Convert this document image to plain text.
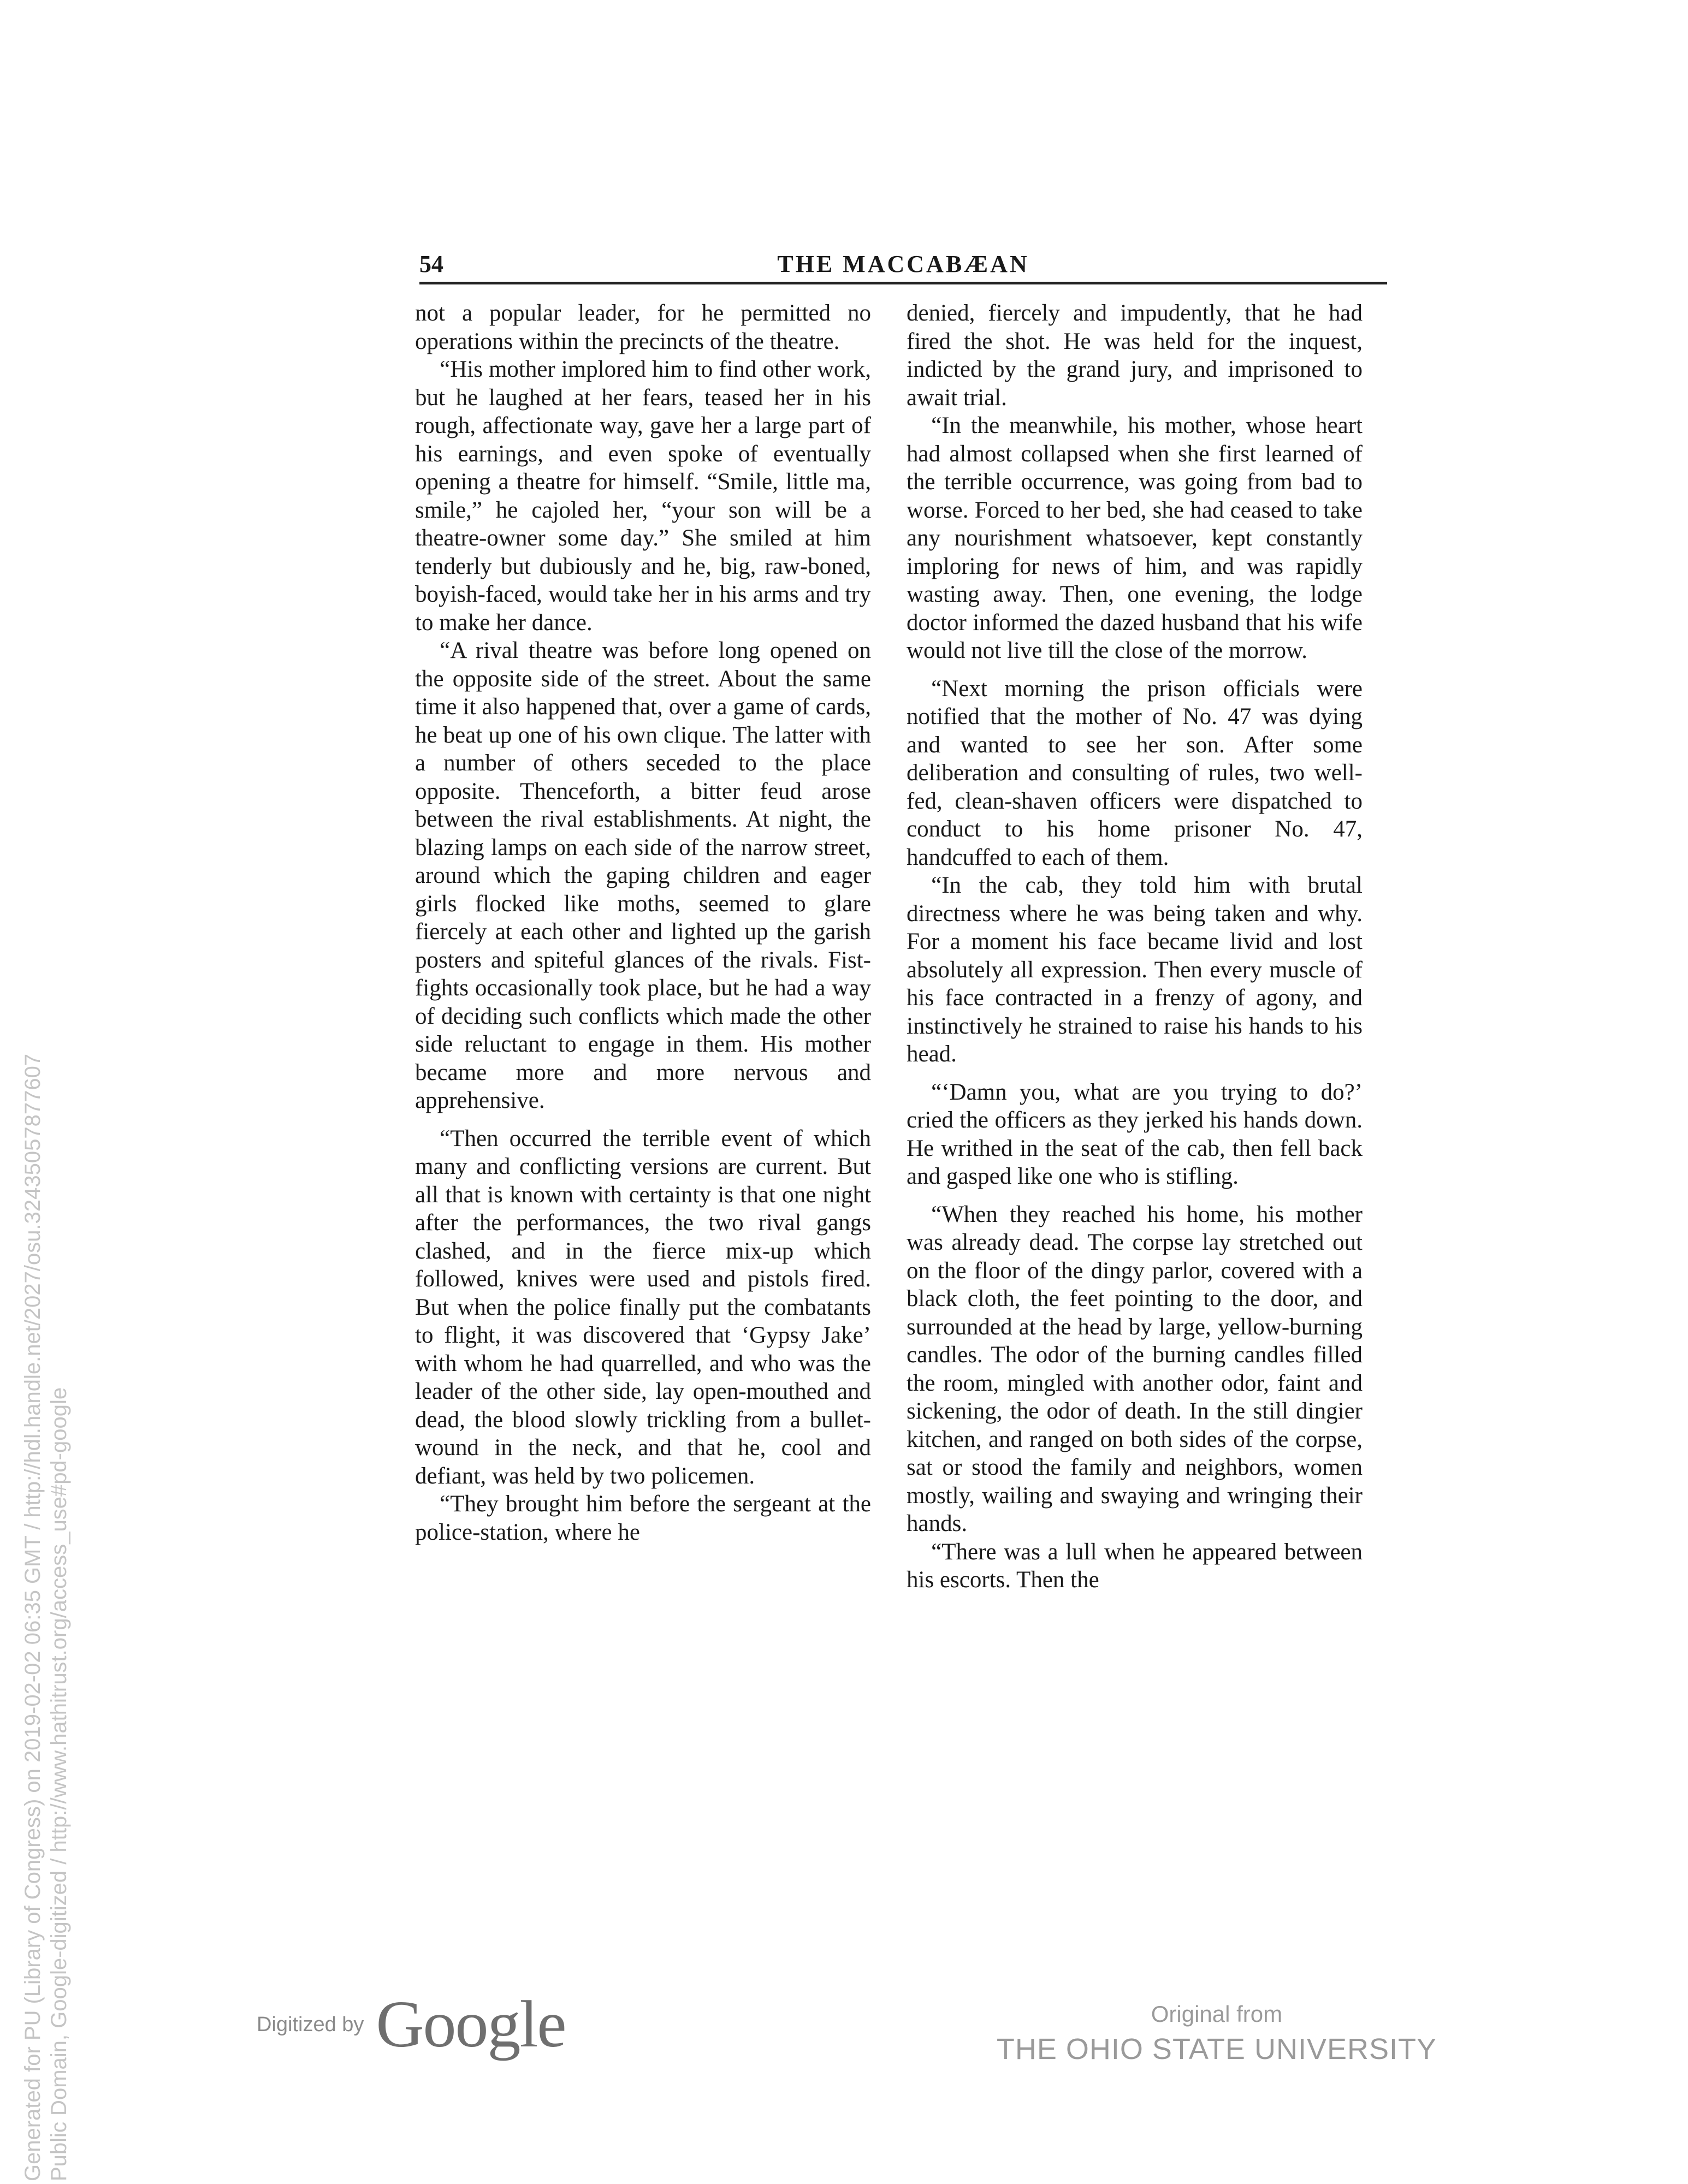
54	THE MACCABÆAN

not a popular leader, for he permitted no operations within the precincts of the theatre.

“His mother implored him to find other work, but he laughed at her fears, teased her in his rough, affectionate way, gave her a large part of his earnings, and even spoke of eventually opening a theatre for himself. “Smile, little ma, smile,” he cajoled her, “your son will be a theatre-owner some day.” She smiled at him tenderly but dubiously and he, big, raw-boned, boyish-faced, would take her in his arms and try to make her dance.

“A rival theatre was before long opened on the opposite side of the street. About the same time it also happened that, over a game of cards, he beat up one of his own clique. The latter with a number of others seceded to the place opposite. Thenceforth, a bitter feud arose between the rival establishments. At night, the blazing lamps on each side of the narrow street, around which the gaping children and eager girls flocked like moths, seemed to glare fiercely at each other and lighted up the garish posters and spiteful glances of the rivals. Fist-fights occasionally took place, but he had a way of deciding such conflicts which made the other side reluctant to engage in them. His mother became more and more nervous and apprehensive.

“Then occurred the terrible event of which many and conflicting versions are current. But all that is known with certainty is that one night after the performances, the two rival gangs clashed, and in the fierce mix-up which followed, knives were used and pistols fired. But when the police finally put the combatants to flight, it was discovered that ‘Gypsy Jake’ with whom he had quarrelled, and who was the leader of the other side, lay open-mouthed and dead, the blood slowly trickling from a bullet-wound in the neck, and that he, cool and defiant, was held by two policemen.

“They brought him before the sergeant at the police-station, where he

denied, fiercely and impudently, that he had fired the shot. He was held for the inquest, indicted by the grand jury, and imprisoned to await trial.

“In the meanwhile, his mother, whose heart had almost collapsed when she first learned of the terrible occurrence, was going from bad to worse. Forced to her bed, she had ceased to take any nourishment whatsoever, kept constantly imploring for news of him, and was rapidly wasting away. Then, one evening, the lodge doctor informed the dazed husband that his wife would not live till the close of the morrow.

“Next morning the prison officials were notified that the mother of No. 47 was dying and wanted to see her son. After some deliberation and consulting of rules, two well-fed, clean-shaven officers were dispatched to conduct to his home prisoner No. 47, handcuffed to each of them.

“In the cab, they told him with brutal directness where he was being taken and why. For a moment his face became livid and lost absolutely all expression. Then every muscle of his face contracted in a frenzy of agony, and instinctively he strained to raise his hands to his head.

“‘Damn you, what are you trying to do?’ cried the officers as they jerked his hands down. He writhed in the seat of the cab, then fell back and gasped like one who is stifling.

“When they reached his home, his mother was already dead. The corpse lay stretched out on the floor of the dingy parlor, covered with a black cloth, the feet pointing to the door, and surrounded at the head by large, yellow-burning candles. The odor of the burning candles filled the room, mingled with another odor, faint and sickening, the odor of death. In the still dingier kitchen, and ranged on both sides of the corpse, sat or stood the family and neighbors, women mostly, wailing and swaying and wringing their hands.

“There was a lull when he appeared between his escorts. Then the

Digitized by Google	Original from
THE OHIO STATE UNIVERSITY
Generated for PU (Library of Congress) on 2019-02-02 06:35 GMT / http://hdl.handle.net/2027/osu.32435057877607 Public Domain, Google-digitized / http://www.hathitrust.org/access_use#pd-google
